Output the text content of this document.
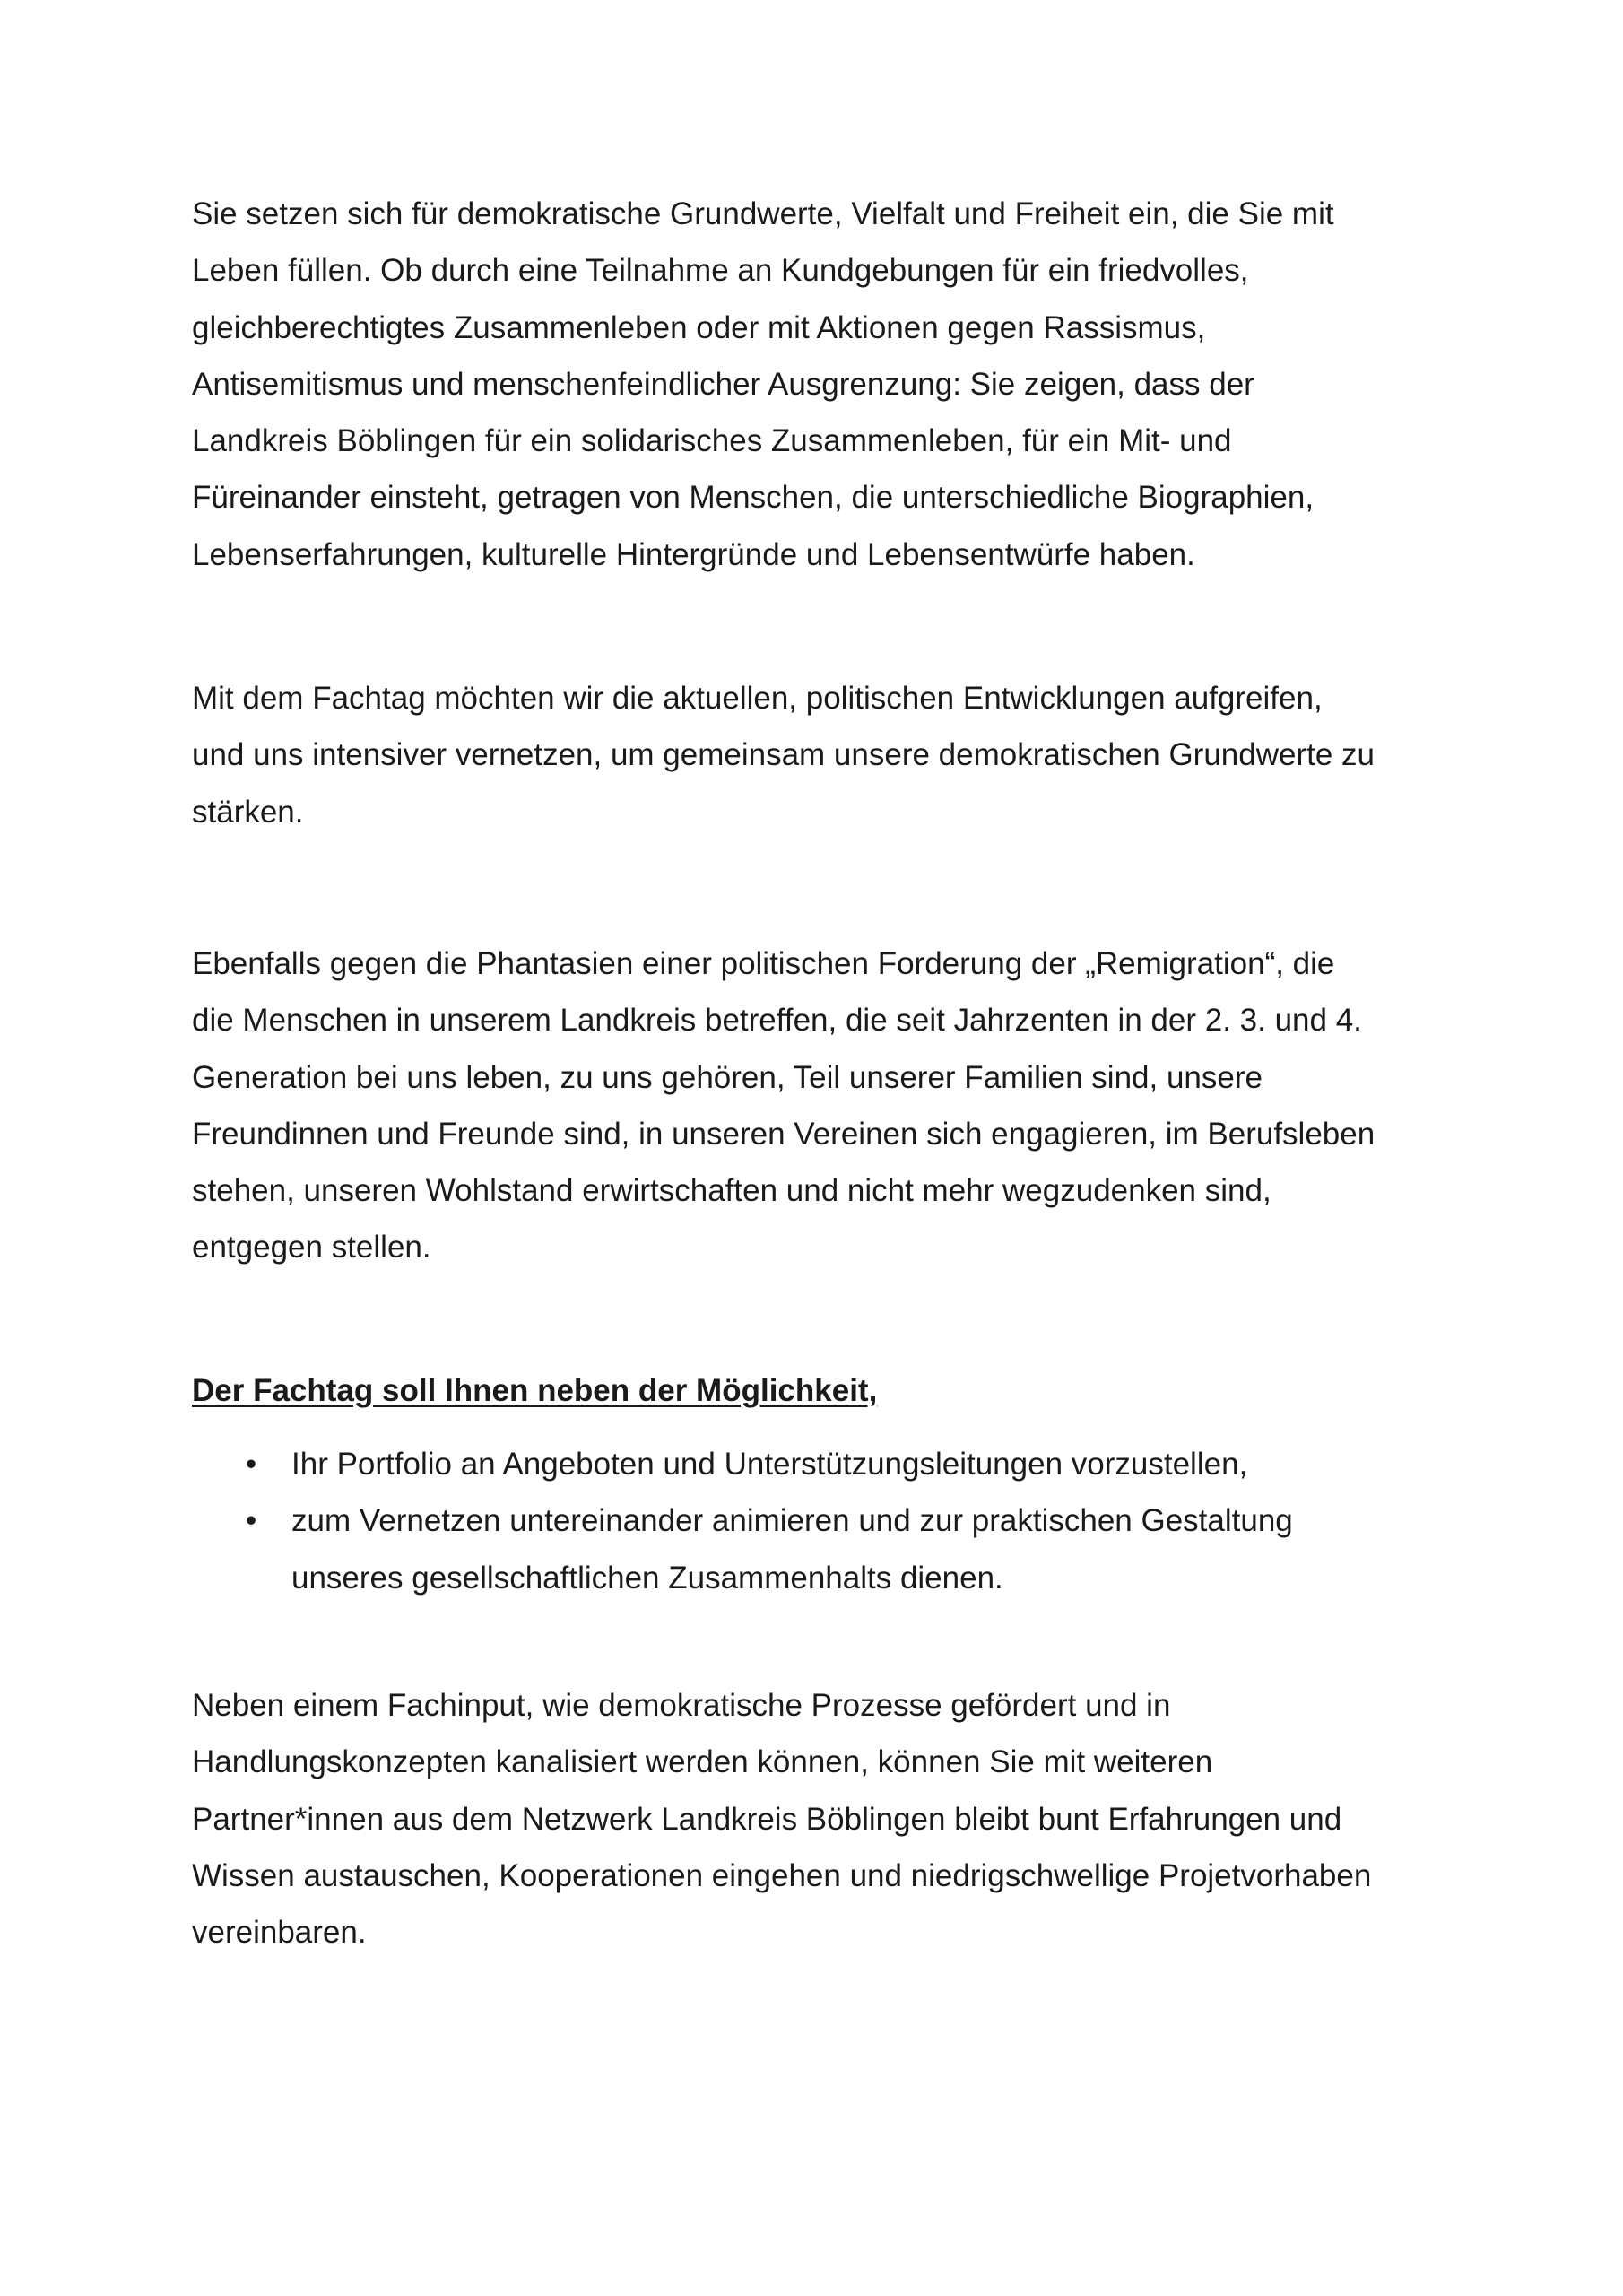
Sie setzen sich für demokratische Grundwerte, Vielfalt und Freiheit ein, die Sie mit
Leben füllen. Ob durch eine Teilnahme an Kundgebungen für ein friedvolles,
gleichberechtigtes Zusammenleben oder mit Aktionen gegen Rassismus,
Antisemitismus und menschenfeindlicher Ausgrenzung: Sie zeigen, dass der
Landkreis Böblingen für ein solidarisches Zusammenleben, für ein Mit- und
Füreinander einsteht, getragen von Menschen, die unterschiedliche Biographien,
Lebenserfahrungen, kulturelle Hintergründe und Lebensentwürfe haben.

Mit dem Fachtag möchten wir die aktuellen, politischen Entwicklungen aufgreifen,
und uns intensiver vernetzen, um gemeinsam unsere demokratischen Grundwerte zu
stärken.

Ebenfalls gegen die Phantasien einer politischen Forderung der „Remigration“, die
die Menschen in unserem Landkreis betreffen, die seit Jahrzenten in der 2. 3. und 4.
Generation bei uns leben, zu uns gehören, Teil unserer Familien sind, unsere
Freundinnen und Freunde sind, in unseren Vereinen sich engagieren, im Berufsleben
stehen, unseren Wohlstand erwirtschaften und nicht mehr wegzudenken sind,
entgegen stellen.

Der Fachtag soll Ihnen neben der Möglichkeit,

• Ihr Portfolio an Angeboten und Unterstützungsleitungen vorzustellen,
• zum Vernetzen untereinander animieren und zur praktischen Gestaltung
unseres gesellschaftlichen Zusammenhalts dienen.

Neben einem Fachinput, wie demokratische Prozesse gefördert und in
Handlungskonzepten kanalisiert werden können, können Sie mit weiteren
Partner*innen aus dem Netzwerk Landkreis Böblingen bleibt bunt Erfahrungen und
Wissen austauschen, Kooperationen eingehen und niedrigschwellige Projetvorhaben
vereinbaren.
